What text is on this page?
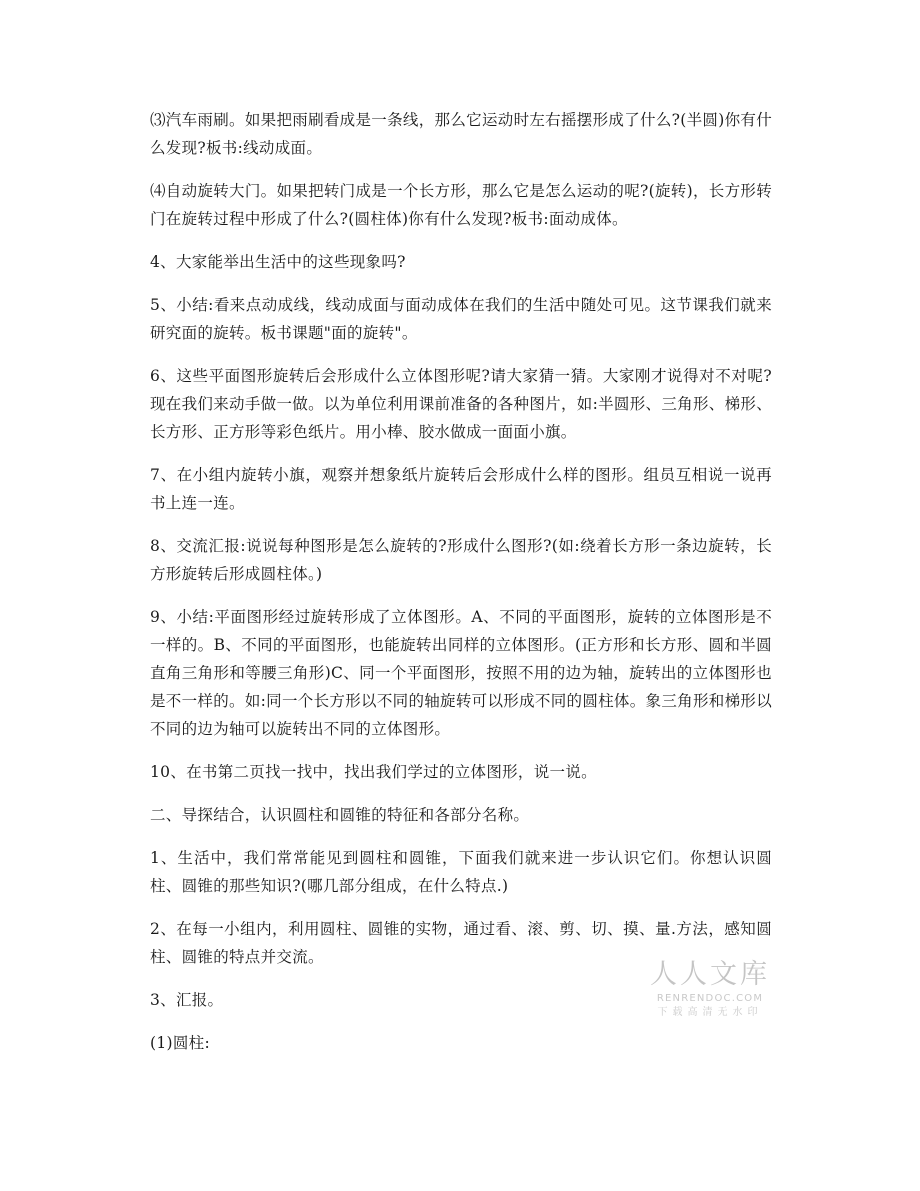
⑶汽车雨刷。如果把雨刷看成是一条线，那么它运动时左右摇摆形成了什么?(半圆)你有什么发现?板书:线动成面。

⑷自动旋转大门。如果把转门成是一个长方形，那么它是怎么运动的呢?(旋转)，长方形转门在旋转过程中形成了什么?(圆柱体)你有什么发现?板书:面动成体。

4、大家能举出生活中的这些现象吗?

5、小结:看来点动成线，线动成面与面动成体在我们的生活中随处可见。这节课我们就来研究面的旋转。板书课题"面的旋转"。

6、这些平面图形旋转后会形成什么立体图形呢?请大家猜一猜。大家刚才说得对不对呢?现在我们来动手做一做。以为单位利用课前准备的各种图片，如:半圆形、三角形、梯形、长方形、正方形等彩色纸片。用小棒、胶水做成一面面小旗。

7、在小组内旋转小旗，观察并想象纸片旋转后会形成什么样的图形。组员互相说一说再书上连一连。

8、交流汇报:说说每种图形是怎么旋转的?形成什么图形?(如:绕着长方形一条边旋转，长方形旋转后形成圆柱体。)

9、小结:平面图形经过旋转形成了立体图形。A、不同的平面图形，旋转的立体图形是不一样的。B、不同的平面图形，也能旋转出同样的立体图形。(正方形和长方形、圆和半圆直角三角形和等腰三角形)C、同一个平面图形，按照不用的边为轴，旋转出的立体图形也是不一样的。如:同一个长方形以不同的轴旋转可以形成不同的圆柱体。象三角形和梯形以不同的边为轴可以旋转出不同的立体图形。

10、在书第二页找一找中，找出我们学过的立体图形，说一说。

二、导探结合，认识圆柱和圆锥的特征和各部分名称。

1、生活中，我们常常能见到圆柱和圆锥，下面我们就来进一步认识它们。你想认识圆柱、圆锥的那些知识?(哪几部分组成，在什么特点.)

2、在每一小组内，利用圆柱、圆锥的实物，通过看、滚、剪、切、摸、量.方法，感知圆柱、圆锥的特点并交流。

3、汇报。

(1)圆柱:

人人文库
RENRENDOC.COM
下载高清无水印
